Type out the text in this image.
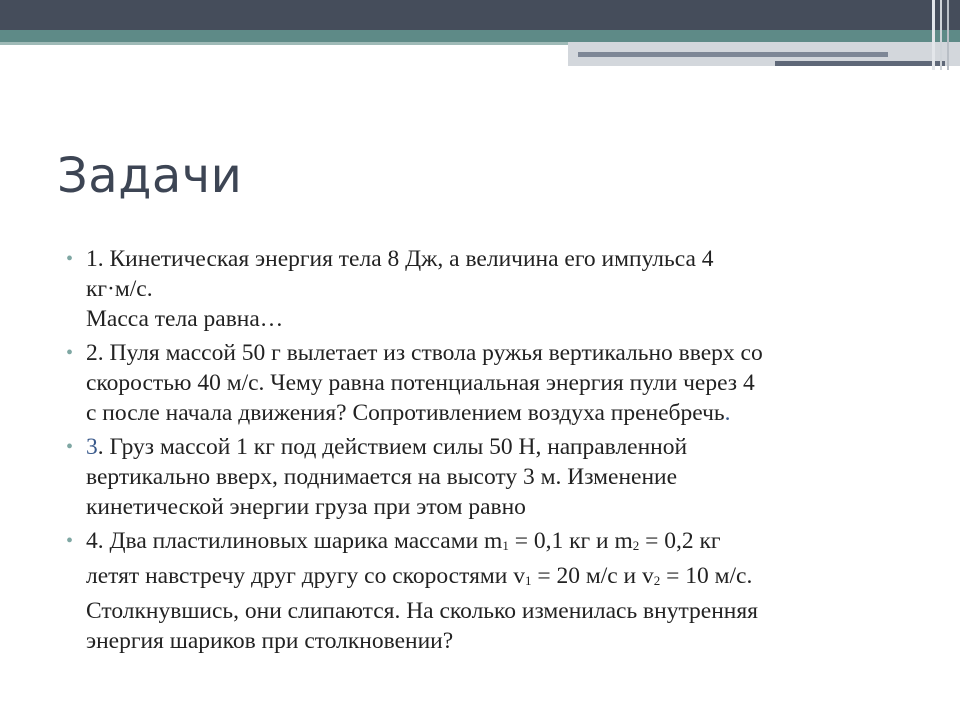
Задачи
• 1. Кинетическая энергия тела 8 Дж, а величина его импульса 4
кг·м/с.
Масса тела равна…
• 2. Пуля массой 50 г вылетает из ствола ружья вертикально вверх со
скоростью 40 м/с. Чему равна потенциальная энергия пули через 4
с после начала движения? Сопротивлением воздуха пренебречь.
• 3. Груз массой 1 кг под действием силы 50 Н, направленной
вертикально вверх, поднимается на высоту 3 м. Изменение
кинетической энергии груза при этом равно
• 4. Два пластилиновых шарика массами m1 = 0,1 кг и m2 = 0,2 кг
летят навстречу друг другу со скоростями v1 = 20 м/с и v2 = 10 м/с.
Столкнувшись, они слипаются. На сколько изменилась внутренняя
энергия шариков при столкновении?
